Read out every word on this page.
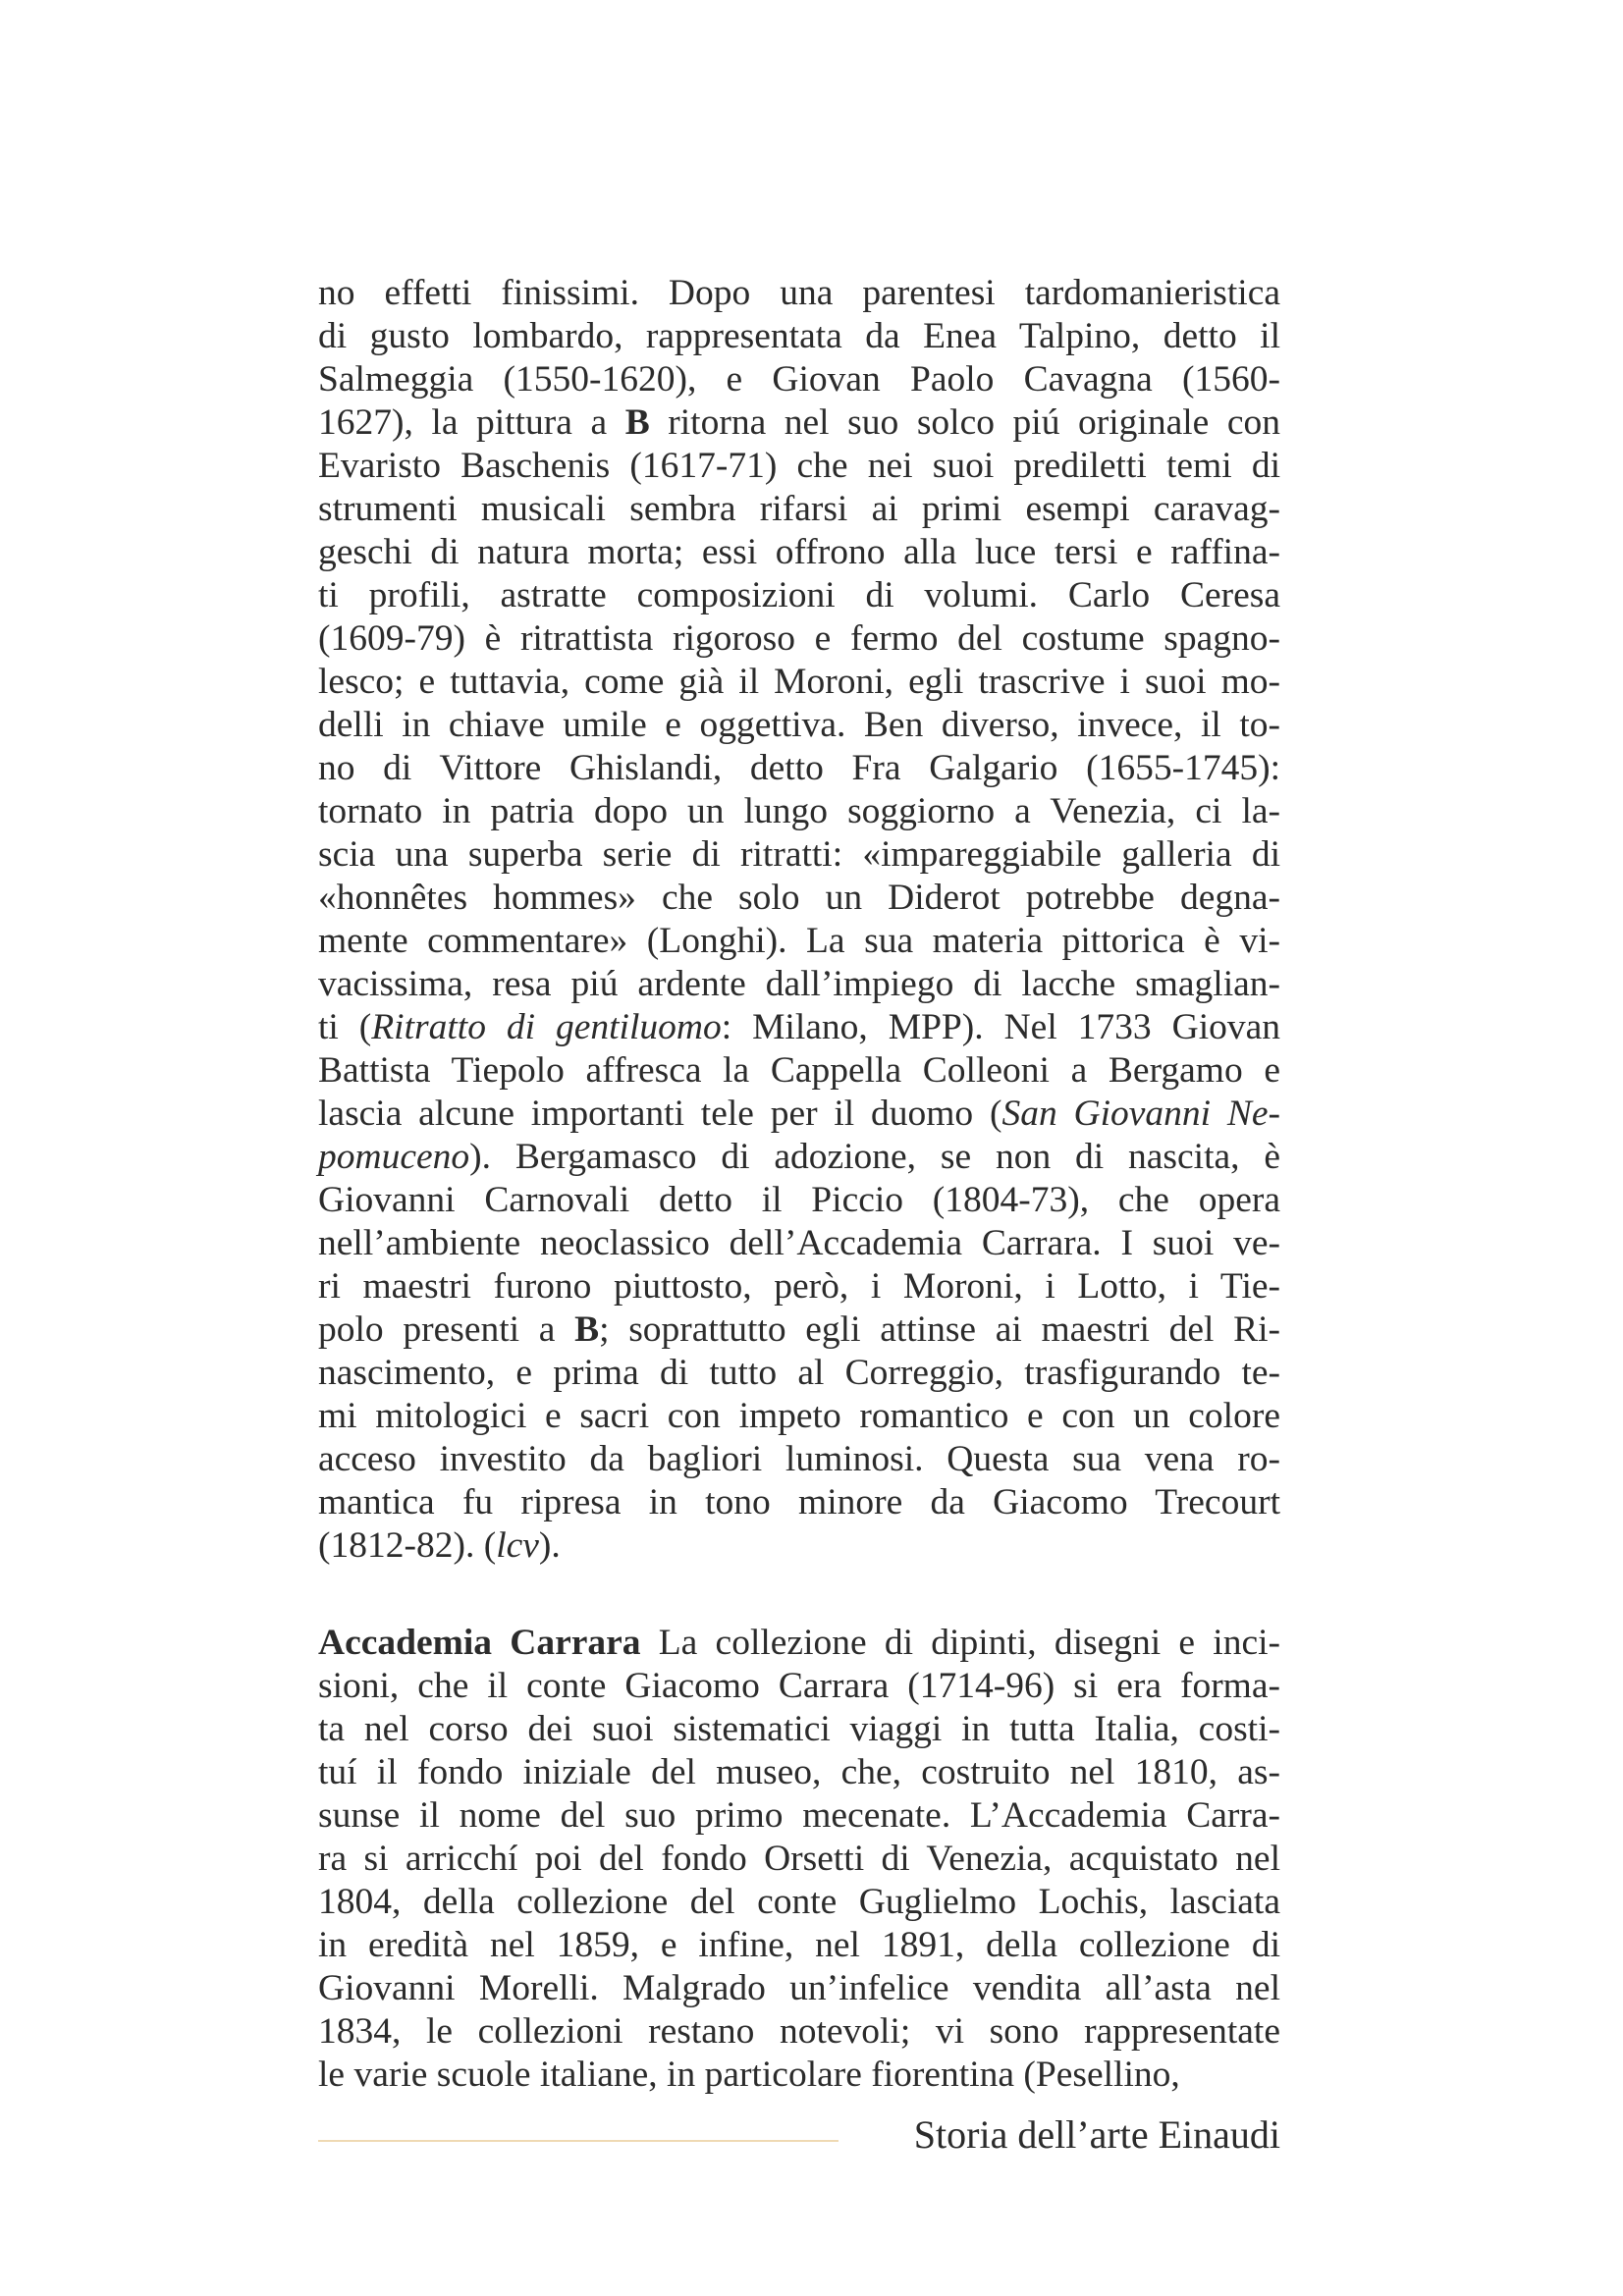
no effetti finissimi. Dopo una parentesi tardomanieristica
di gusto lombardo, rappresentata da Enea Talpino, detto il
Salmeggia (1550-1620), e Giovan Paolo Cavagna (1560-
1627), la pittura a B ritorna nel suo solco piú originale con
Evaristo Baschenis (1617-71) che nei suoi prediletti temi di
strumenti musicali sembra rifarsi ai primi esempi caravag-
geschi di natura morta; essi offrono alla luce tersi e raffina-
ti profili, astratte composizioni di volumi. Carlo Ceresa
(1609-79) è ritrattista rigoroso e fermo del costume spagno-
lesco; e tuttavia, come già il Moroni, egli trascrive i suoi mo-
delli in chiave umile e oggettiva. Ben diverso, invece, il to-
no di Vittore Ghislandi, detto Fra Galgario (1655-1745):
tornato in patria dopo un lungo soggiorno a Venezia, ci la-
scia una superba serie di ritratti: «impareggiabile galleria di
«honnêtes hommes» che solo un Diderot potrebbe degna-
mente commentare» (Longhi). La sua materia pittorica è vi-
vacissima, resa piú ardente dall’impiego di lacche smaglian-
ti (Ritratto di gentiluomo: Milano, MPP). Nel 1733 Giovan
Battista Tiepolo affresca la Cappella Colleoni a Bergamo e
lascia alcune importanti tele per il duomo (San Giovanni Ne-
pomuceno). Bergamasco di adozione, se non di nascita, è
Giovanni Carnovali detto il Piccio (1804-73), che opera
nell’ambiente neoclassico dell’Accademia Carrara. I suoi ve-
ri maestri furono piuttosto, però, i Moroni, i Lotto, i Tie-
polo presenti a B; soprattutto egli attinse ai maestri del Ri-
nascimento, e prima di tutto al Correggio, trasfigurando te-
mi mitologici e sacri con impeto romantico e con un colore
acceso investito da bagliori luminosi. Questa sua vena ro-
mantica fu ripresa in tono minore da Giacomo Trecourt
(1812-82). (lcv).
Accademia Carrara La collezione di dipinti, disegni e inci-
sioni, che il conte Giacomo Carrara (1714-96) si era forma-
ta nel corso dei suoi sistematici viaggi in tutta Italia, costi-
tuí il fondo iniziale del museo, che, costruito nel 1810, as-
sunse il nome del suo primo mecenate. L’Accademia Carra-
ra si arricchí poi del fondo Orsetti di Venezia, acquistato nel
1804, della collezione del conte Guglielmo Lochis, lasciata
in eredità nel 1859, e infine, nel 1891, della collezione di
Giovanni Morelli. Malgrado un’infelice vendita all’asta nel
1834, le collezioni restano notevoli; vi sono rappresentate
le varie scuole italiane, in particolare fiorentina (Pesellino,
Storia dell’arte Einaudi
